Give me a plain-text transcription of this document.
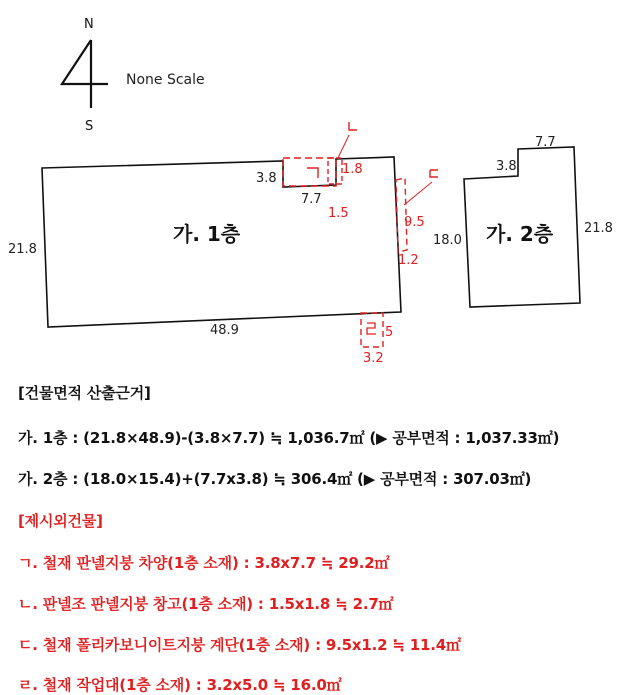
N
S
None Scale
가. 1층
21.8
48.9
3.8
7.7
1.8
1.5
9.5
1.2
5
3.2
가. 2층
18.0
21.8
7.7
3.8
[건물면적 산출근거]
가. 1층 : (21.8×48.9)-(3.8×7.7) ≒ 1,036.7㎡ (▶ 공부면적 : 1,037.33㎡)
가. 2층 : (18.0×15.4)+(7.7x3.8) ≒ 306.4㎡ (▶ 공부면적 : 307.03㎡)
[제시외건물]
ㄱ. 철재 판넬지붕 차양(1층 소재) : 3.8x7.7 ≒ 29.2㎡
ㄴ. 판넬조 판넬지붕 창고(1층 소재) : 1.5x1.8 ≒ 2.7㎡
ㄷ. 철재 폴리카보니이트지붕 계단(1층 소재) : 9.5x1.2 ≒ 11.4㎡
ㄹ. 철재 작업대(1층 소재) : 3.2x5.0 ≒ 16.0㎡
